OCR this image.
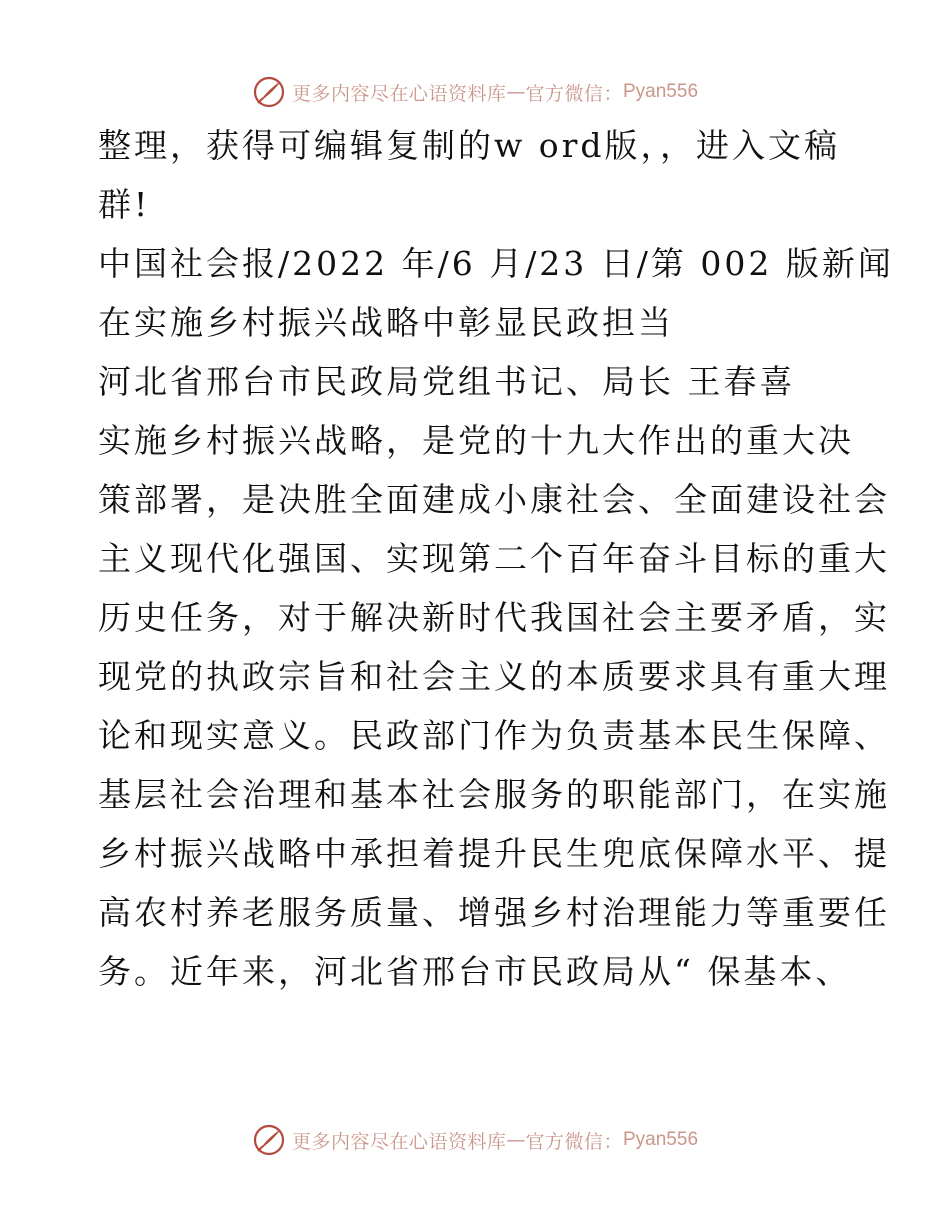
更多内容尽在心语资料库 — 官方微信： Pyan556
整理，获得可编辑复制的w ord版，，进入文稿
群!
中国社会报/2022 年/6 月/23 日/第 002 版新闻
在实施乡村振兴战略中彰显民政担当
河北省邢台市民政局党组书记、局长 王春喜
实施乡村振兴战略，是党的十九大作出的重大决
策部署，是决胜全面建成小康社会、全面建设社会
主义现代化强国、实现第二个百年奋斗目标的重大
历史任务，对于解决新时代我国社会主要矛盾，实
现党的执政宗旨和社会主义的本质要求具有重大理
论和现实意义。民政部门作为负责基本民生保障、
基层社会治理和基本社会服务的职能部门，在实施
乡村振兴战略中承担着提升民生兜底保障水平、提
高农村养老服务质量、增强乡村治理能力等重要任
务。近年来，河北省邢台市民政局从“ 保基本、
更多内容尽在心语资料库 — 官方微信： Pyan556
